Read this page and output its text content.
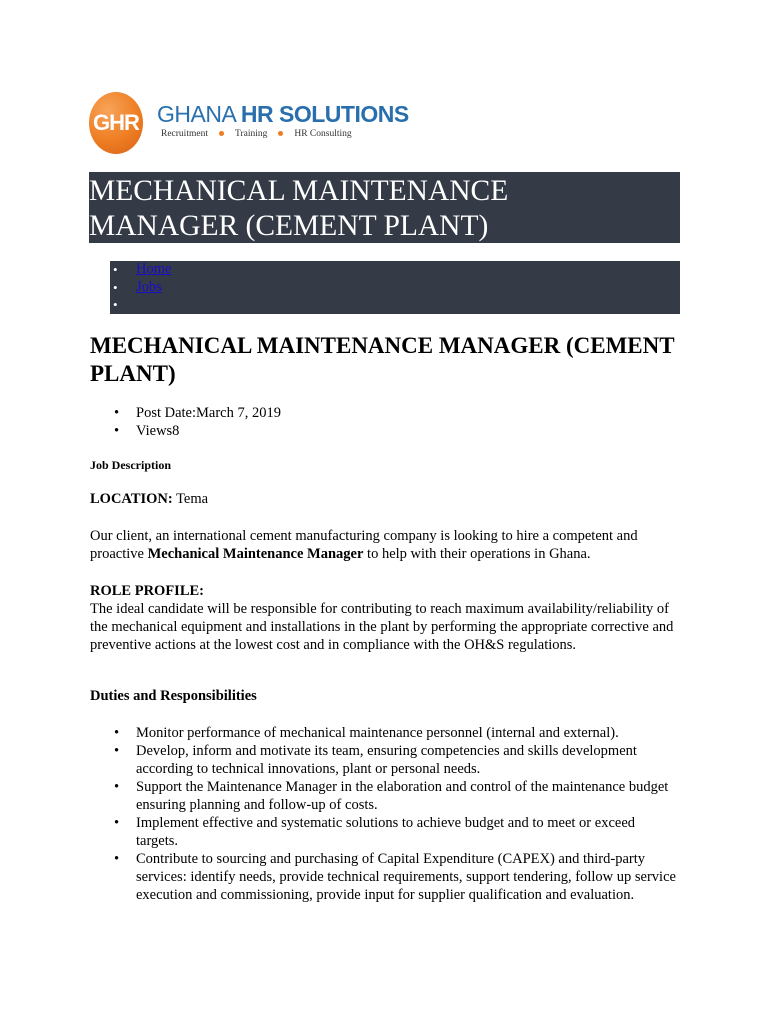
GHR GHANA HR SOLUTIONS
Recruitment	Training	HR Consulting
MECHANICAL MAINTENANCE
MANAGER (CEMENT PLANT)
• Home
• Jobs
•
MECHANICAL MAINTENANCE MANAGER (CEMENT PLANT)
• Post Date:March 7, 2019
• Views8
Job Description
LOCATION: Tema
Our client, an international cement manufacturing company is looking to hire a competent and proactive Mechanical Maintenance Manager to help with their operations in Ghana.
ROLE PROFILE:
The ideal candidate will be responsible for contributing to reach maximum availability/reliability of the mechanical equipment and installations in the plant by performing the appropriate corrective and preventive actions at the lowest cost and in compliance with the OH&S regulations.
Duties and Responsibilities
• Monitor performance of mechanical maintenance personnel (internal and external).
• Develop, inform and motivate its team, ensuring competencies and skills development according to technical innovations, plant or personal needs.
• Support the Maintenance Manager in the elaboration and control of the maintenance budget ensuring planning and follow-up of costs.
• Implement effective and systematic solutions to achieve budget and to meet or exceed targets.
• Contribute to sourcing and purchasing of Capital Expenditure (CAPEX) and third-party services: identify needs, provide technical requirements, support tendering, follow up service execution and commissioning, provide input for supplier qualification and evaluation.
